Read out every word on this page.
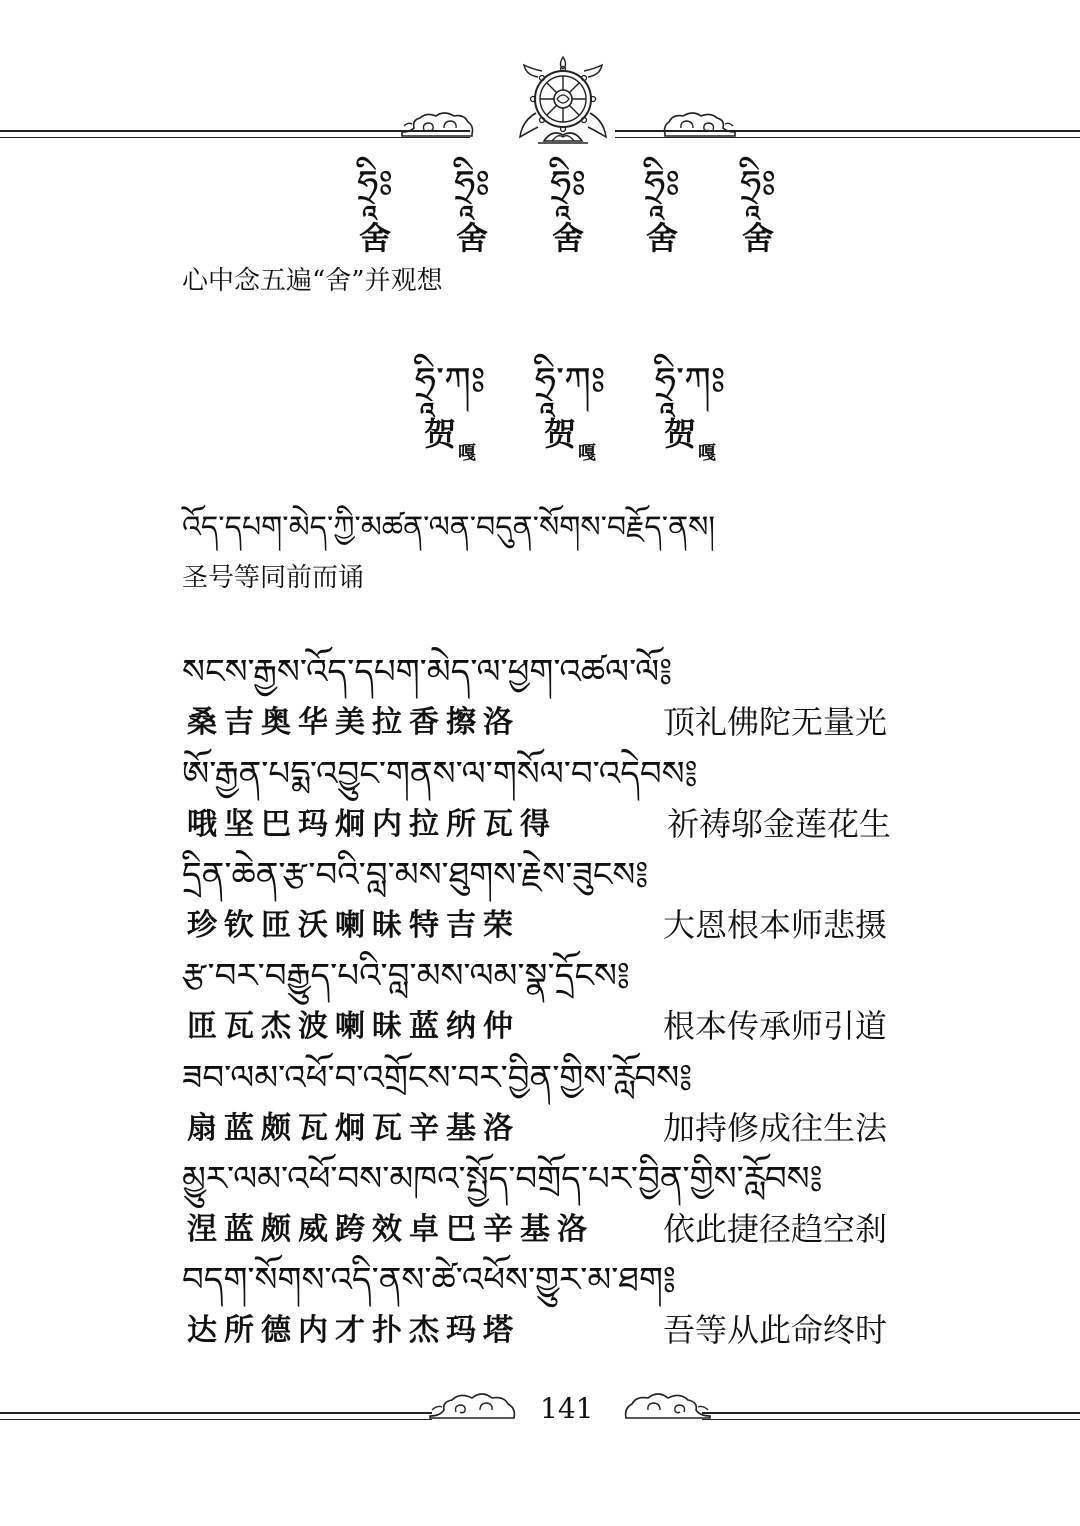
ཧྲཱིཿ	ཧྲཱིཿ	ཧྲཱིཿ	ཧྲཱིཿ	ཧྲཱིཿ
舍	舍	舍	舍	舍
心中念五遍“舍”并观想
ཧྲཱི་ཀཿ ཧྲཱི་ཀཿ ཧྲཱི་ཀཿ
贺$_嘎$
贺$_嘎$
贺$_嘎$
འོད་དཔག་མེད་ཀྱི་མཚན་ལན་བདུན་སོགས་བརྗོད་ནས།
圣号等同前而诵
སངས་རྒྱས་འོད་དཔག་མེད་ལ་ཕྱག་འཚལ་ལོ༔
桑吉奥华美拉香擦洛	顶礼佛陀无量光
ཨོ་རྒྱན་པདྨ་འབྱུང་གནས་ལ་གསོལ་བ་འདེབས༔
哦坚巴玛炯内拉所瓦得	祈祷邬金莲花生
དྲིན་ཆེན་རྩ་བའི་བླ་མས་ཐུགས་རྗེས་ཟུངས༔
珍钦匝沃喇昧特吉荣	大恩根本师悲摄
རྩ་བར་བརྒྱུད་པའི་བླ་མས་ལམ་སྣ་དྲོངས༔
匝瓦杰波喇昧蓝纳仲	根本传承师引道
ཟབ་ལམ་འཕོ་བ་འགྲོངས་བར་བྱིན་གྱིས་རློབས༔
扇蓝颇瓦炯瓦辛基洛	加持修成往生法
མྱུར་ལམ་འཕོ་བས་མཁའ་སྤྱོད་བགྲོད་པར་བྱིན་གྱིས་རློབས༔
涅蓝颇威跨效卓巴辛基洛 依此捷径趋空刹
བདག་སོགས་འདི་ནས་ཚེ་འཕོས་གྱུར་མ་ཐག༔
达所德内才扑杰玛塔	吾等从此命终时
141
